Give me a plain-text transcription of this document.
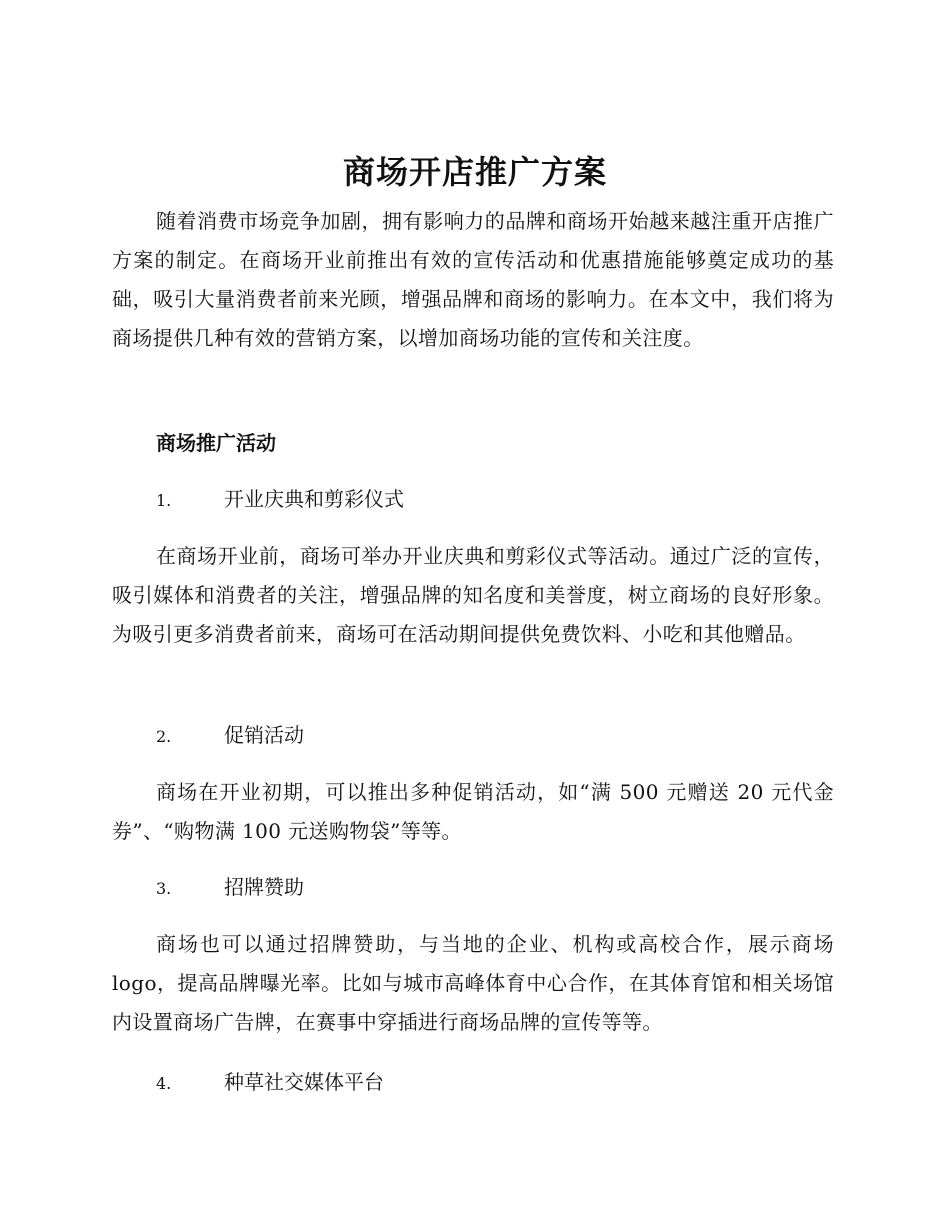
商场开店推广方案

随着消费市场竞争加剧，拥有影响力的品牌和商场开始越来越注重开店推广方案的制定。在商场开业前推出有效的宣传活动和优惠措施能够奠定成功的基础，吸引大量消费者前来光顾，增强品牌和商场的影响力。在本文中，我们将为商场提供几种有效的营销方案，以增加商场功能的宣传和关注度。

商场推广活动

1.	开业庆典和剪彩仪式

在商场开业前，商场可举办开业庆典和剪彩仪式等活动。通过广泛的宣传，吸引媒体和消费者的关注，增强品牌的知名度和美誉度，树立商场的良好形象。为吸引更多消费者前来，商场可在活动期间提供免费饮料、小吃和其他赠品。

2.	促销活动

商场在开业初期，可以推出多种促销活动，如“满 500 元赠送 20 元代金券”、“购物满 100 元送购物袋”等等。

3.	招牌赞助

商场也可以通过招牌赞助，与当地的企业、机构或高校合作，展示商场logo，提高品牌曝光率。比如与城市高峰体育中心合作，在其体育馆和相关场馆内设置商场广告牌，在赛事中穿插进行商场品牌的宣传等等。

4.	种草社交媒体平台
